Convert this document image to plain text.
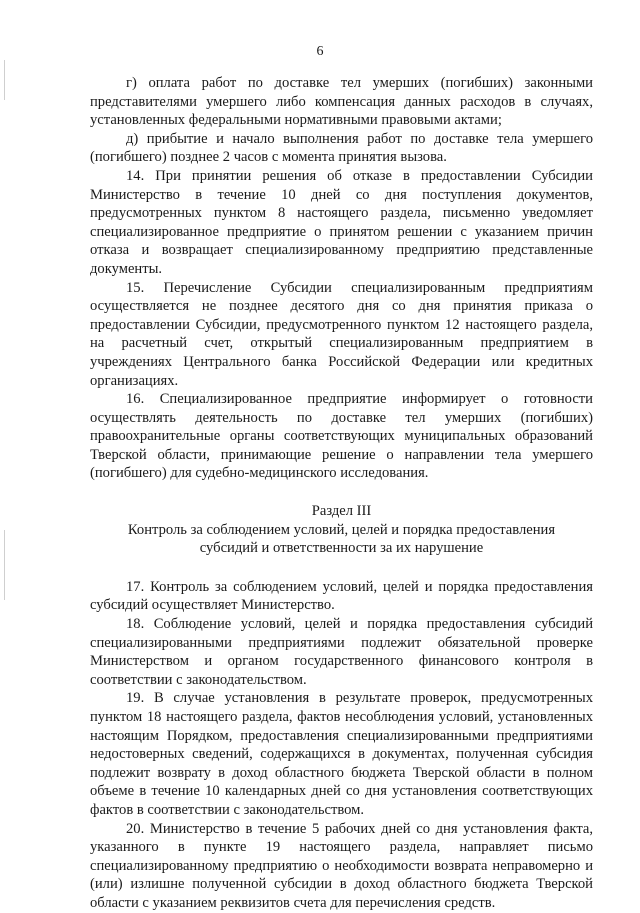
6

г) оплата работ по доставке тел умерших (погибших) законными представителями умершего либо компенсация данных расходов в случаях, установленных федеральными нормативными правовыми актами;

д) прибытие и начало выполнения работ по доставке тела умершего (погибшего) позднее 2 часов с момента принятия вызова.

14. При принятии решения об отказе в предоставлении Субсидии Министерство в течение 10 дней со дня поступления документов, предусмотренных пунктом 8 настоящего раздела, письменно уведомляет специализированное предприятие о принятом решении с указанием причин отказа и возвращает специализированному предприятию представленные документы.

15. Перечисление Субсидии специализированным предприятиям осуществляется не позднее десятого дня со дня принятия приказа о предоставлении Субсидии, предусмотренного пунктом 12 настоящего раздела, на расчетный счет, открытый специализированным предприятием в учреждениях Центрального банка Российской Федерации или кредитных организациях.

16. Специализированное предприятие информирует о готовности осуществлять деятельность по доставке тел умерших (погибших) правоохранительные органы соответствующих муниципальных образований Тверской области, принимающие решение о направлении тела умершего (погибшего) для судебно-медицинского исследования.

Раздел III
Контроль за соблюдением условий, целей и порядка предоставления
субсидий и ответственности за их нарушение

17. Контроль за соблюдением условий, целей и порядка предоставления субсидий осуществляет Министерство.

18. Соблюдение условий, целей и порядка предоставления субсидий специализированными предприятиями подлежит обязательной проверке Министерством и органом государственного финансового контроля в соответствии с законодательством.

19. В случае установления в результате проверок, предусмотренных пунктом 18 настоящего раздела, фактов несоблюдения условий, установленных настоящим Порядком, предоставления специализированными предприятиями недостоверных сведений, содержащихся в документах, полученная субсидия подлежит возврату в доход областного бюджета Тверской области в полном объеме в течение 10 календарных дней со дня установления соответствующих фактов в соответствии с законодательством.

20. Министерство в течение 5 рабочих дней со дня установления факта, указанного в пункте 19 настоящего раздела, направляет письмо специализированному предприятию о необходимости возврата неправомерно и (или) излишне полученной субсидии в доход областного бюджета Тверской области с указанием реквизитов счета для перечисления средств.
